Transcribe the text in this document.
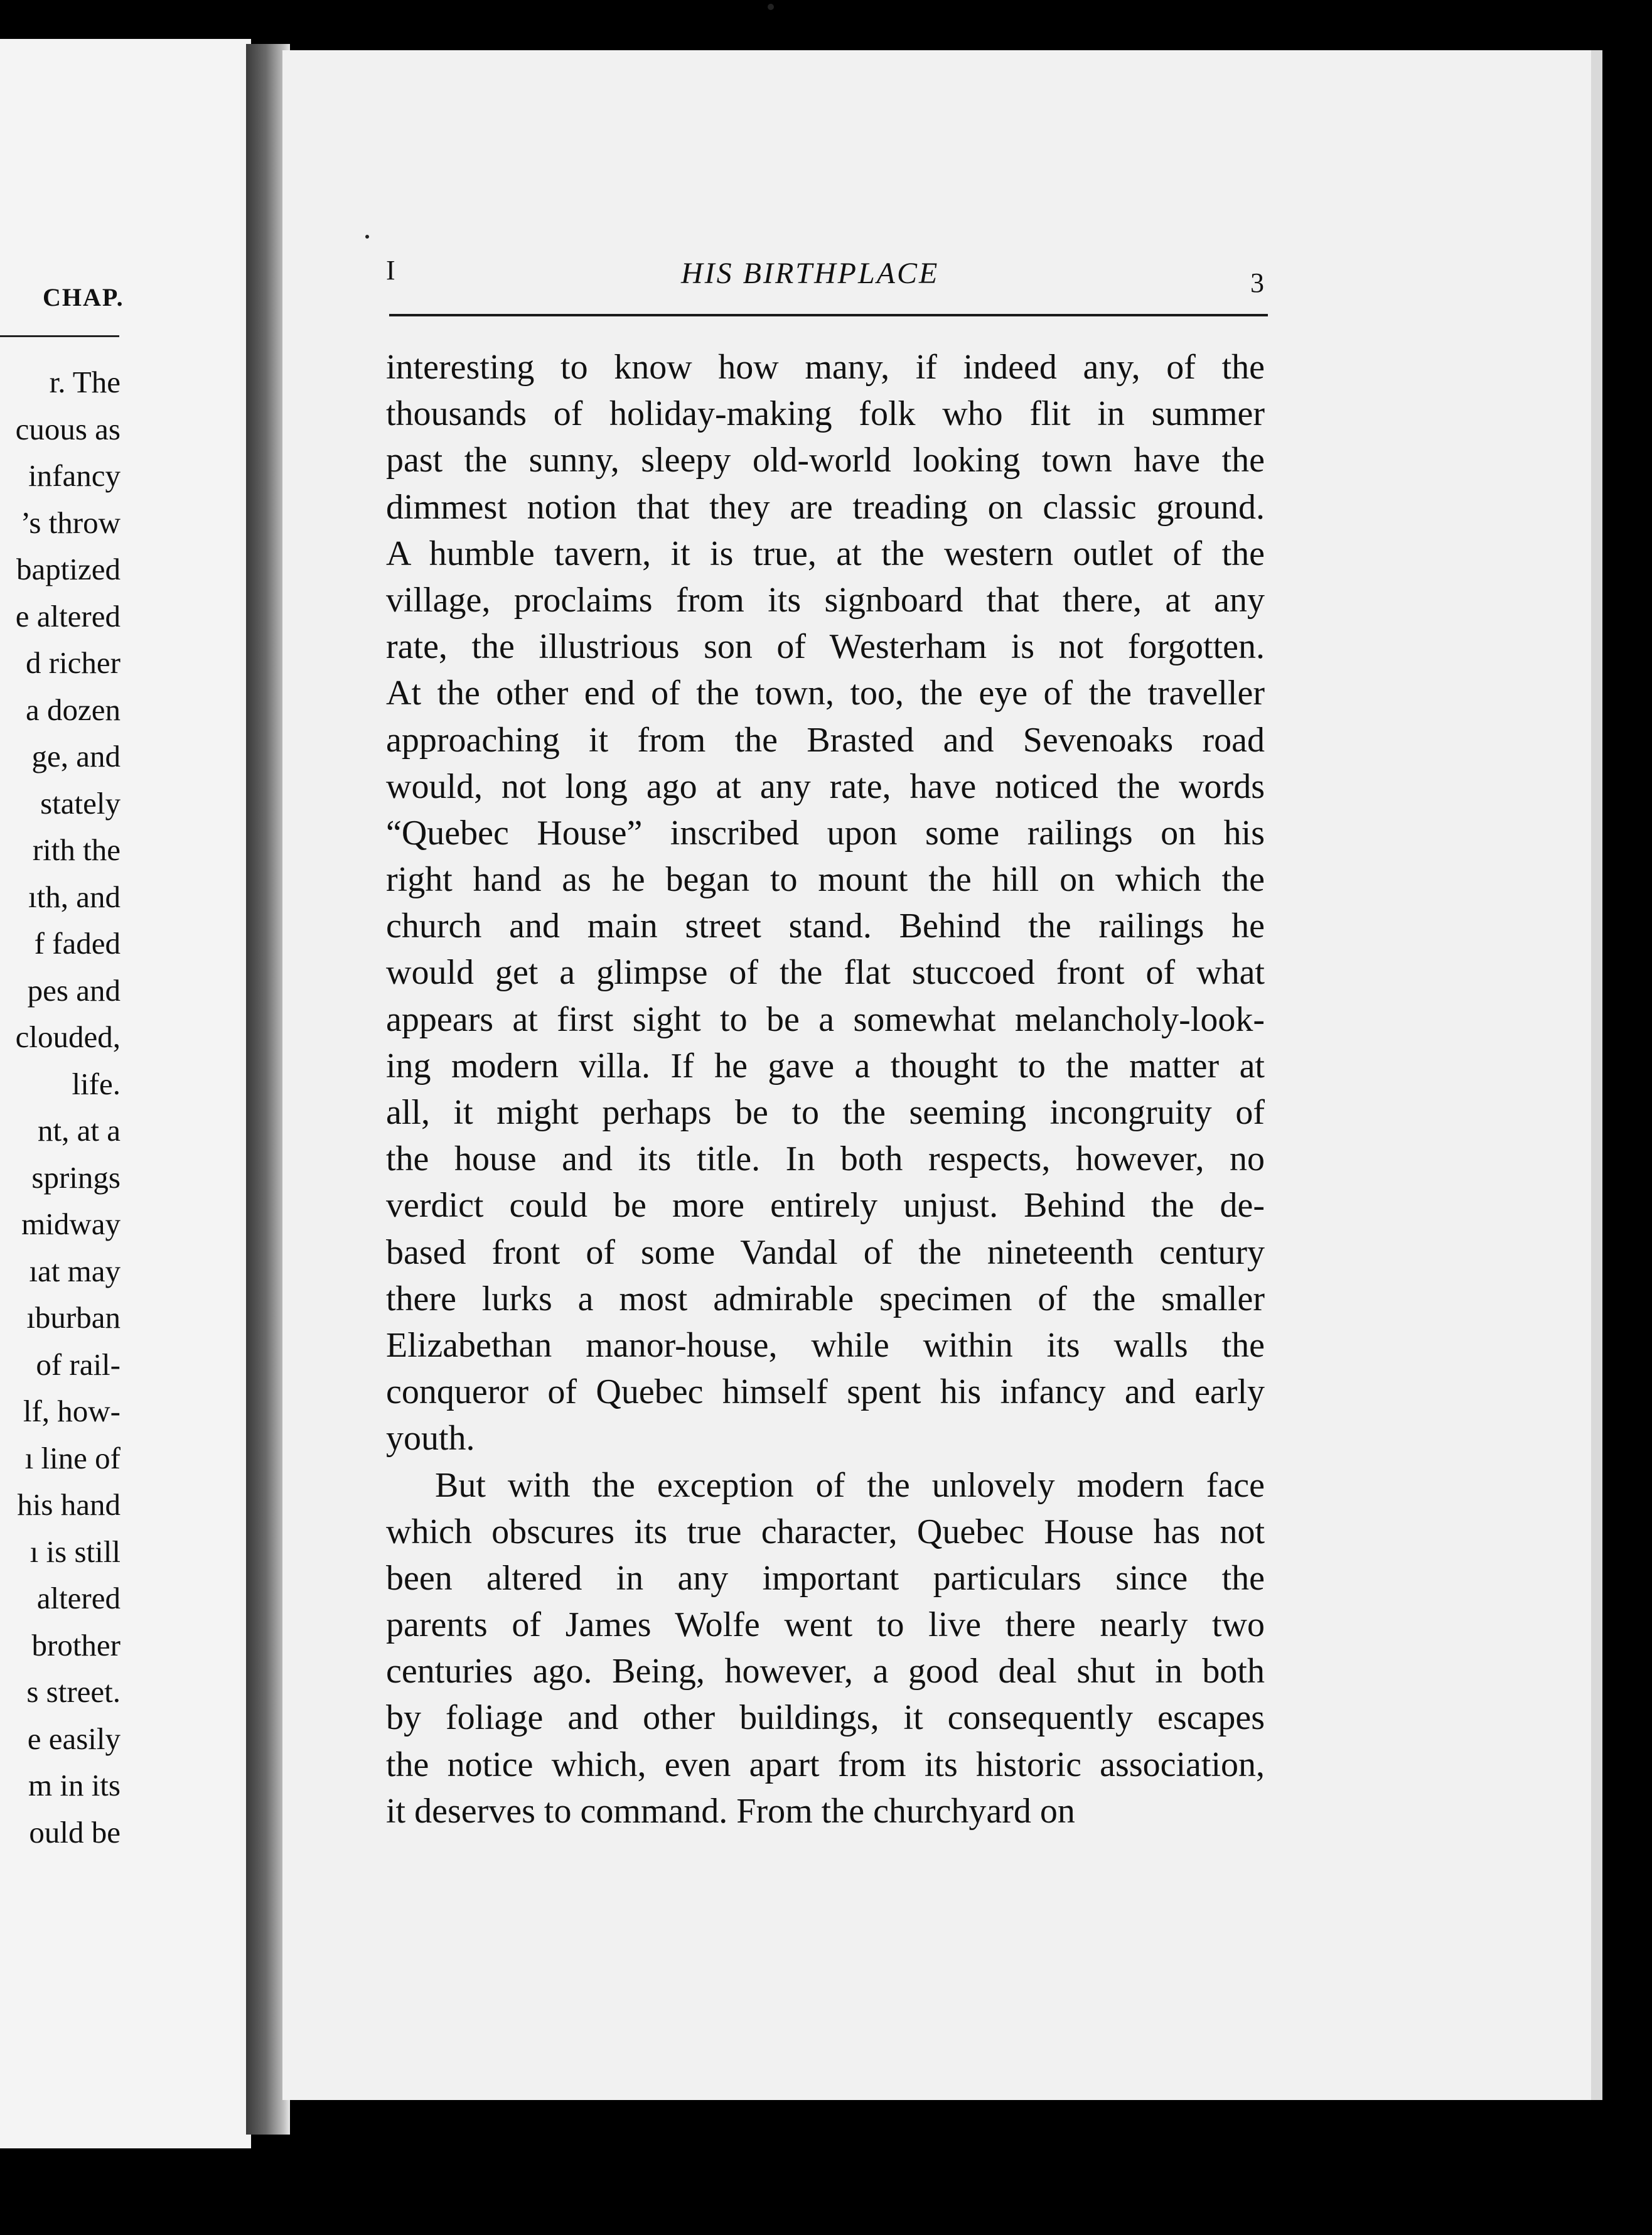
CHAP.
r. The
cuous as
infancy
’s throw
baptized
e altered
d richer
a dozen
ge, and
stately
rith the
ıth, and
f faded
pes and
clouded,
life.
nt, at a
springs
midway
ıat may
ıburban
of rail-
lf, how-
ı line of
his hand
ı is still
altered
brother
s street.
e easily
m in its
ould be
I	HIS BIRTHPLACE	3
interesting to know how many, if indeed any, of the
thousands of holiday-making folk who flit in summer
past the sunny, sleepy old-world looking town have the
dimmest notion that they are treading on classic ground.
A humble tavern, it is true, at the western outlet of the
village, proclaims from its signboard that there, at any
rate, the illustrious son of Westerham is not forgotten.
At the other end of the town, too, the eye of the traveller
approaching it from the Brasted and Sevenoaks road
would, not long ago at any rate, have noticed the words
“Quebec House” inscribed upon some railings on his
right hand as he began to mount the hill on which the
church and main street stand. Behind the railings he
would get a glimpse of the flat stuccoed front of what
appears at first sight to be a somewhat melancholy-look-
ing modern villa. If he gave a thought to the matter at
all, it might perhaps be to the seeming incongruity of
the house and its title. In both respects, however, no
verdict could be more entirely unjust. Behind the de-
based front of some Vandal of the nineteenth century
there lurks a most admirable specimen of the smaller
Elizabethan manor-house, while within its walls the
conqueror of Quebec himself spent his infancy and early
youth.
But with the exception of the unlovely modern face
which obscures its true character, Quebec House has not
been altered in any important particulars since the
parents of James Wolfe went to live there nearly two
centuries ago. Being, however, a good deal shut in both
by foliage and other buildings, it consequently escapes
the notice which, even apart from its historic association,
it deserves to command. From the churchyard on
